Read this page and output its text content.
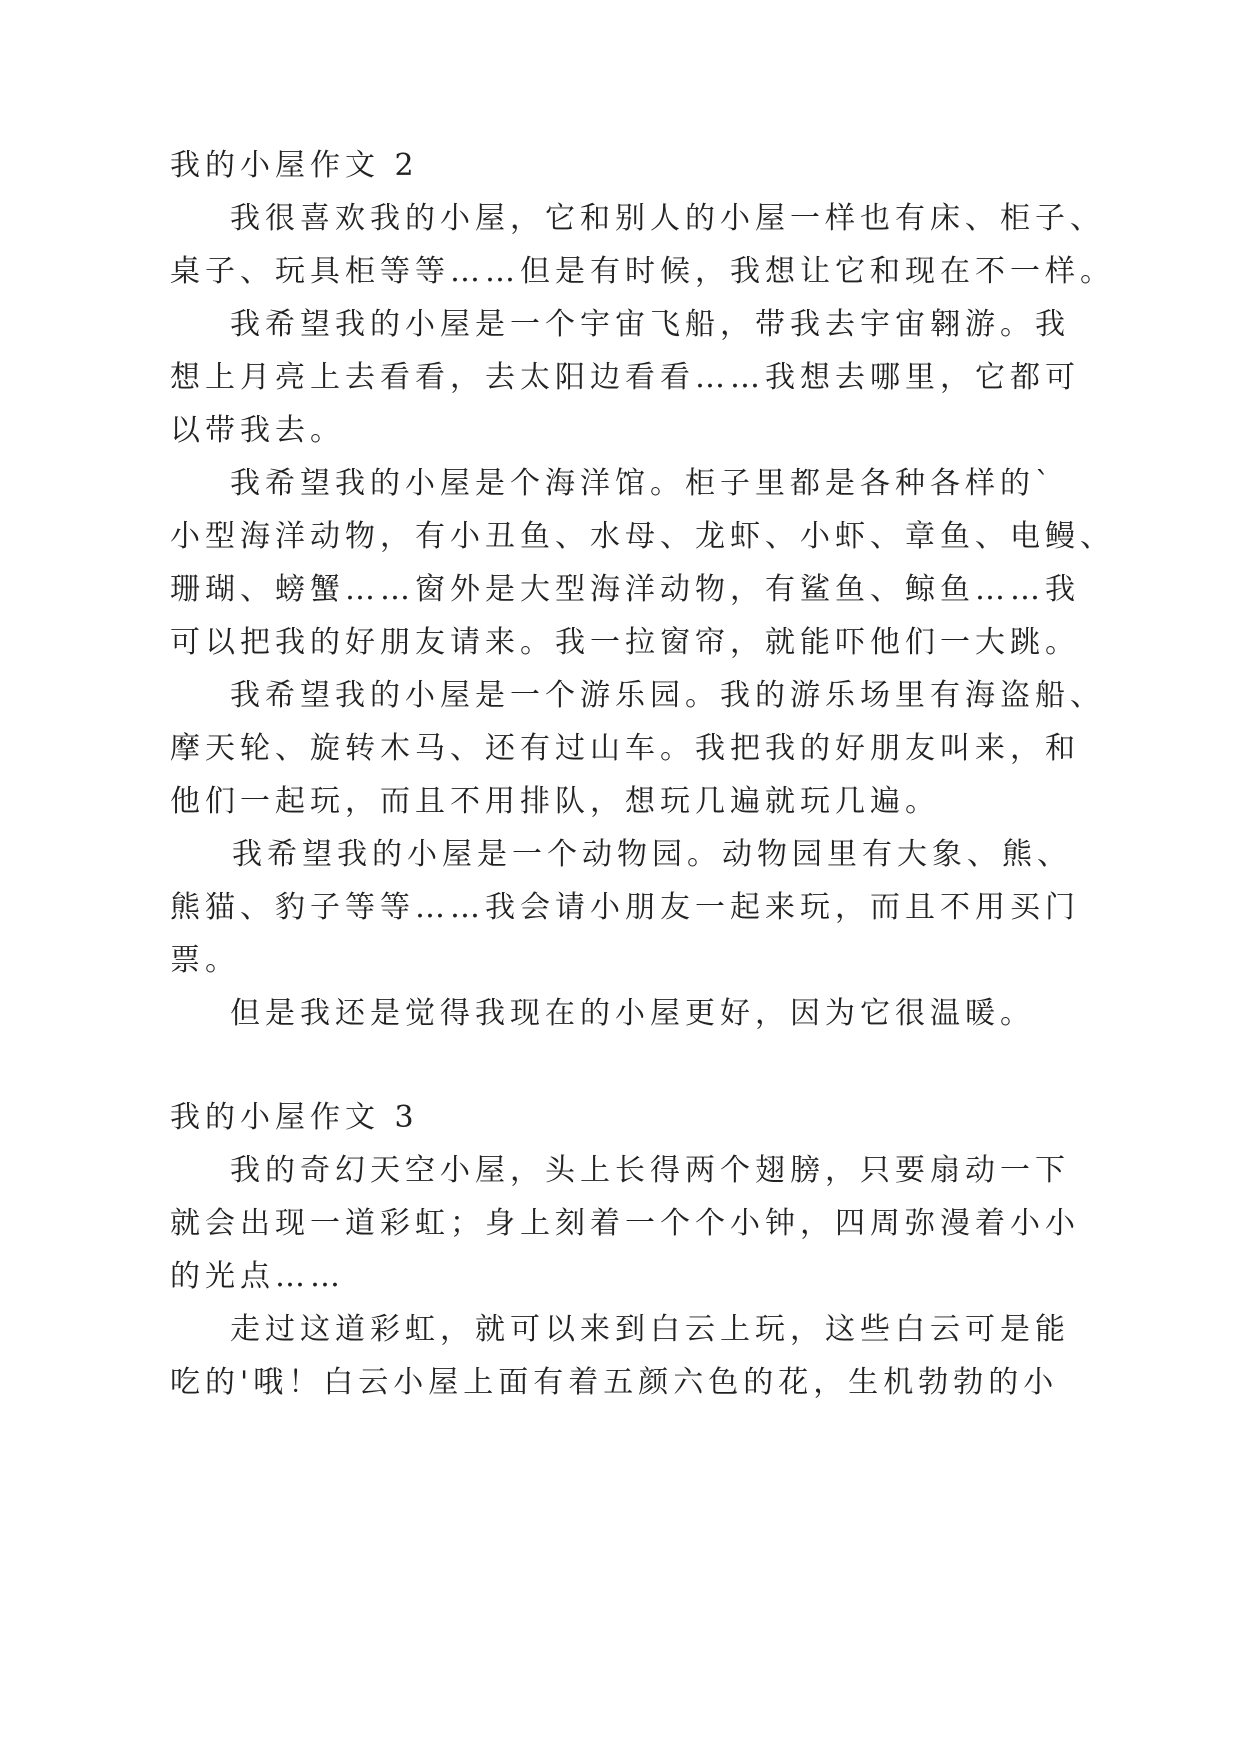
我的小屋作文 2
我很喜欢我的小屋，它和别人的小屋一样也有床、柜子、
桌子、玩具柜等等……但是有时候，我想让它和现在不一样。
我希望我的小屋是一个宇宙飞船，带我去宇宙翱游。我
想上月亮上去看看，去太阳边看看……我想去哪里，它都可
以带我去。
我希望我的小屋是个海洋馆。柜子里都是各种各样的`
小型海洋动物，有小丑鱼、水母、龙虾、小虾、章鱼、电鳗、
珊瑚、螃蟹……窗外是大型海洋动物，有鲨鱼、鲸鱼……我
可以把我的好朋友请来。我一拉窗帘，就能吓他们一大跳。
我希望我的小屋是一个游乐园。我的游乐场里有海盗船、
摩天轮、旋转木马、还有过山车。我把我的好朋友叫来，和
他们一起玩，而且不用排队，想玩几遍就玩几遍。
我希望我的小屋是一个动物园。动物园里有大象、熊、
熊猫、豹子等等……我会请小朋友一起来玩，而且不用买门
票。
但是我还是觉得我现在的小屋更好，因为它很温暖。
我的小屋作文 3
我的奇幻天空小屋，头上长得两个翅膀，只要扇动一下
就会出现一道彩虹；身上刻着一个个小钟，四周弥漫着小小
的光点……
走过这道彩虹，就可以来到白云上玩，这些白云可是能
吃的'哦！白云小屋上面有着五颜六色的花，生机勃勃的小
